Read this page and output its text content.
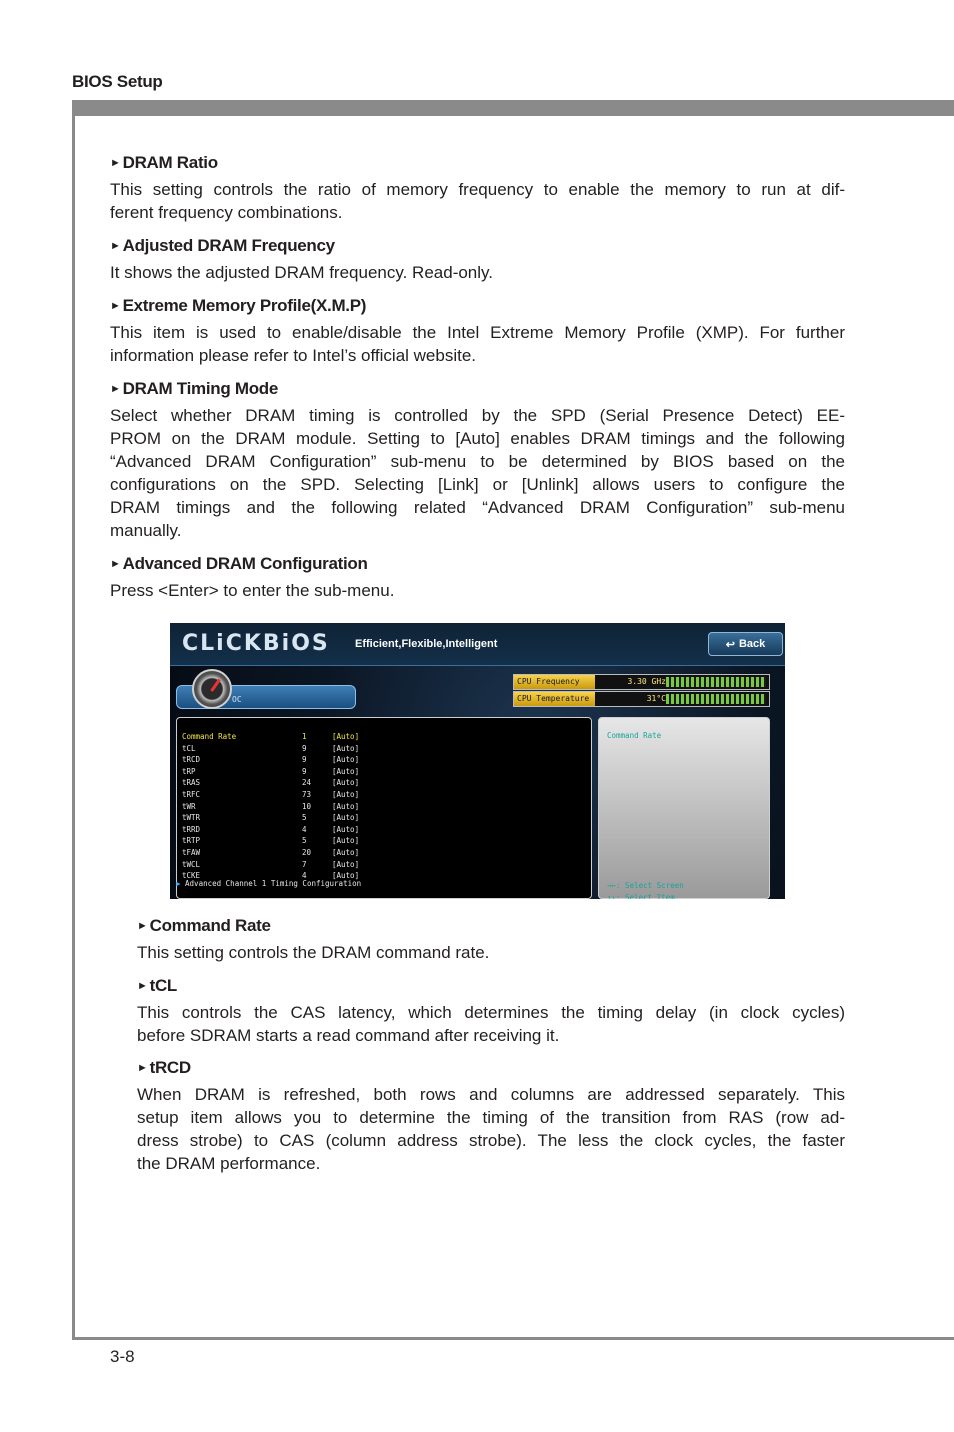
BIOS Setup
3-8
► DRAM Ratio

This setting controls the ratio of memory frequency to enable the memory to run at dif-
ferent frequency combinations.

► Adjusted DRAM Frequency

It shows the adjusted DRAM frequency. Read-only.

► Extreme Memory Profile(X.M.P)

This item is used to enable/disable the Intel Extreme Memory Profile (XMP). For further
information please refer to Intel’s official website.

► DRAM Timing Mode

Select whether DRAM timing is controlled by the SPD (Serial Presence Detect) EE-
PROM on the DRAM module. Setting to [Auto] enables DRAM timings and the following
“Advanced DRAM Configuration” sub-menu to be determined by BIOS based on the
configurations on the SPD. Selecting [Link] or [Unlink] allows users to configure the
DRAM timings and the following related “Advanced DRAM Configuration” sub-menu
manually.

► Advanced DRAM Configuration

Press <Enter> to enter the sub-menu.

CLiCKBiOS Efficient,Flexible,Intelligent	↩ Back
OC
CPU Frequency	3.30 GHz
CPU Temperature	31°C
Command Rate	1	[Auto]
tCL	9	[Auto]
tRCD	9	[Auto]
tRP	9	[Auto]
tRAS	24	[Auto]
tRFC	73	[Auto]
tWR	10	[Auto]
tWTR	5	[Auto]
tRRD	4	[Auto]
tRTP	5	[Auto]
tFAW	20	[Auto]
tWCL	7	[Auto]
tCKE	4	[Auto]
▶ Advanced Channel 1 Timing Configuration
Command Rate
→←: Select Screen
↑↓: Select Item
► Command Rate

This setting controls the DRAM command rate.

► tCL

This controls the CAS latency, which determines the timing delay (in clock cycles)
before SDRAM starts a read command after receiving it.

► tRCD

When DRAM is refreshed, both rows and columns are addressed separately. This
setup item allows you to determine the timing of the transition from RAS (row ad-
dress strobe) to CAS (column address strobe). The less the clock cycles, the faster
the DRAM performance.
